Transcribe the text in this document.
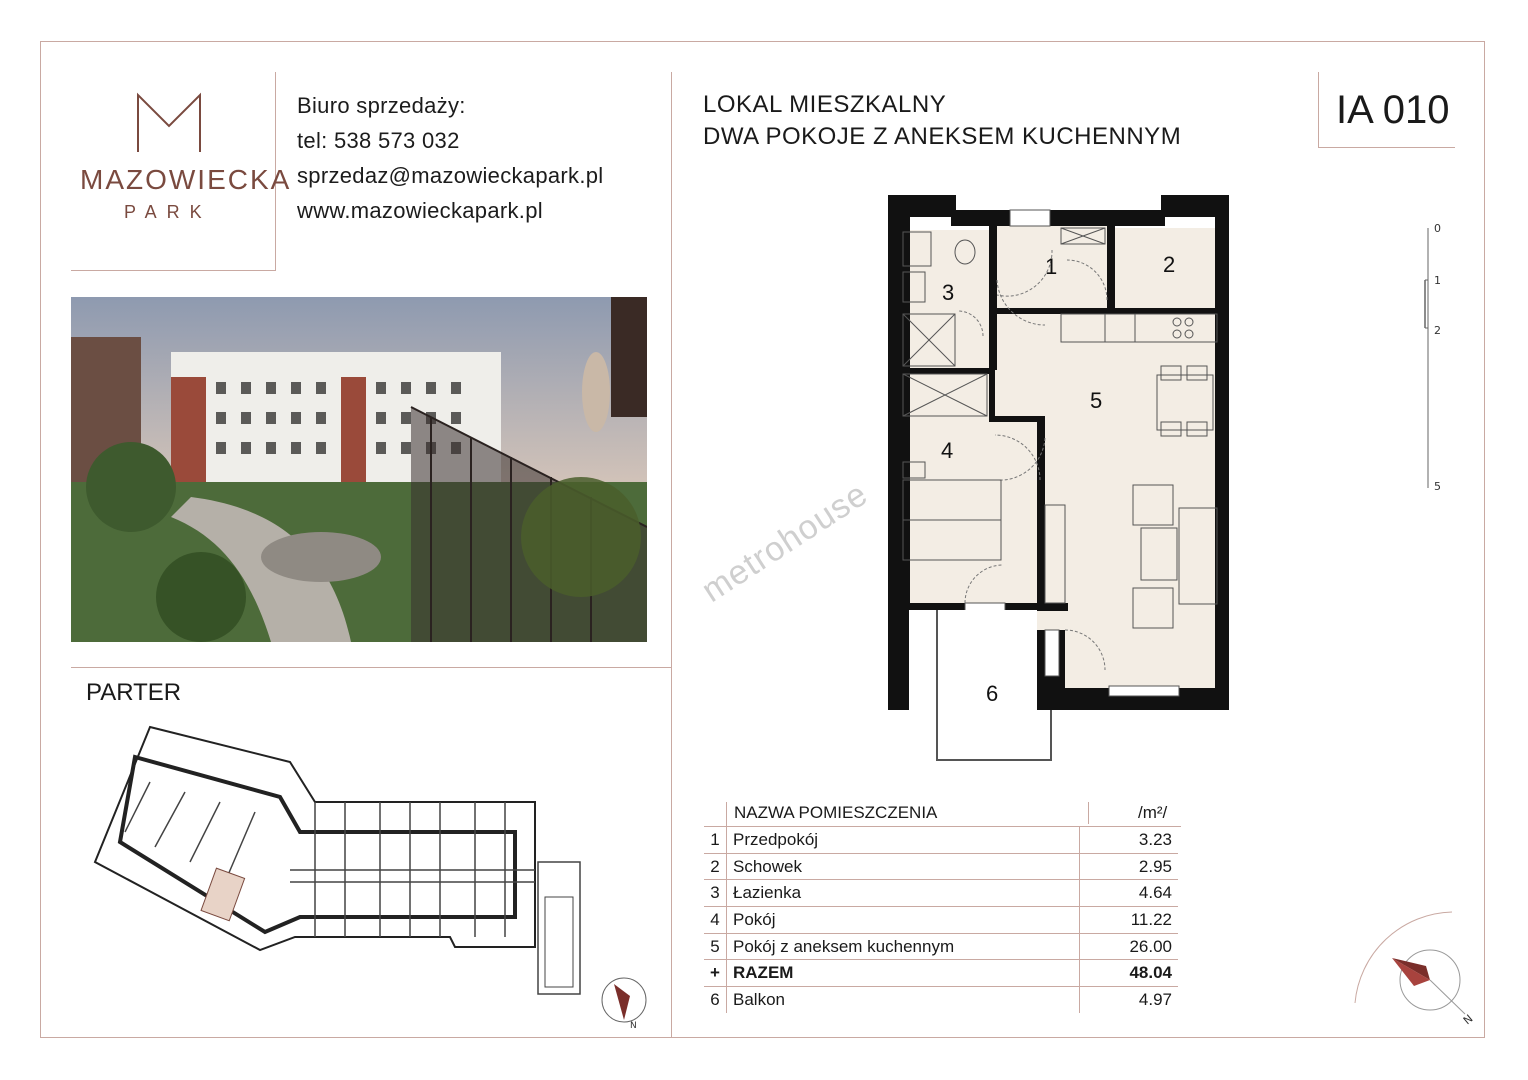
MAZOWIECKA
PARK
Biuro sprzedaży:
tel: 538 573 032
sprzedaz@mazowieckapark.pl
www.mazowieckapark.pl
PARTER
N
LOKAL MIESZKALNY
DWA POKOJE Z ANEKSEM KUCHENNYM
IA 010
1	2
3
4
5
6
metrohouse
0
1
2
5
NAZWA POMIESZCZENIA	/m²/
1	Przedpokój	3.23
2	Schowek	2.95
3	Łazienka	4.64
4	Pokój	11.22
5	Pokój z aneksem kuchennym	26.00
+	RAZEM	48.04
6	Balkon	4.97
N
